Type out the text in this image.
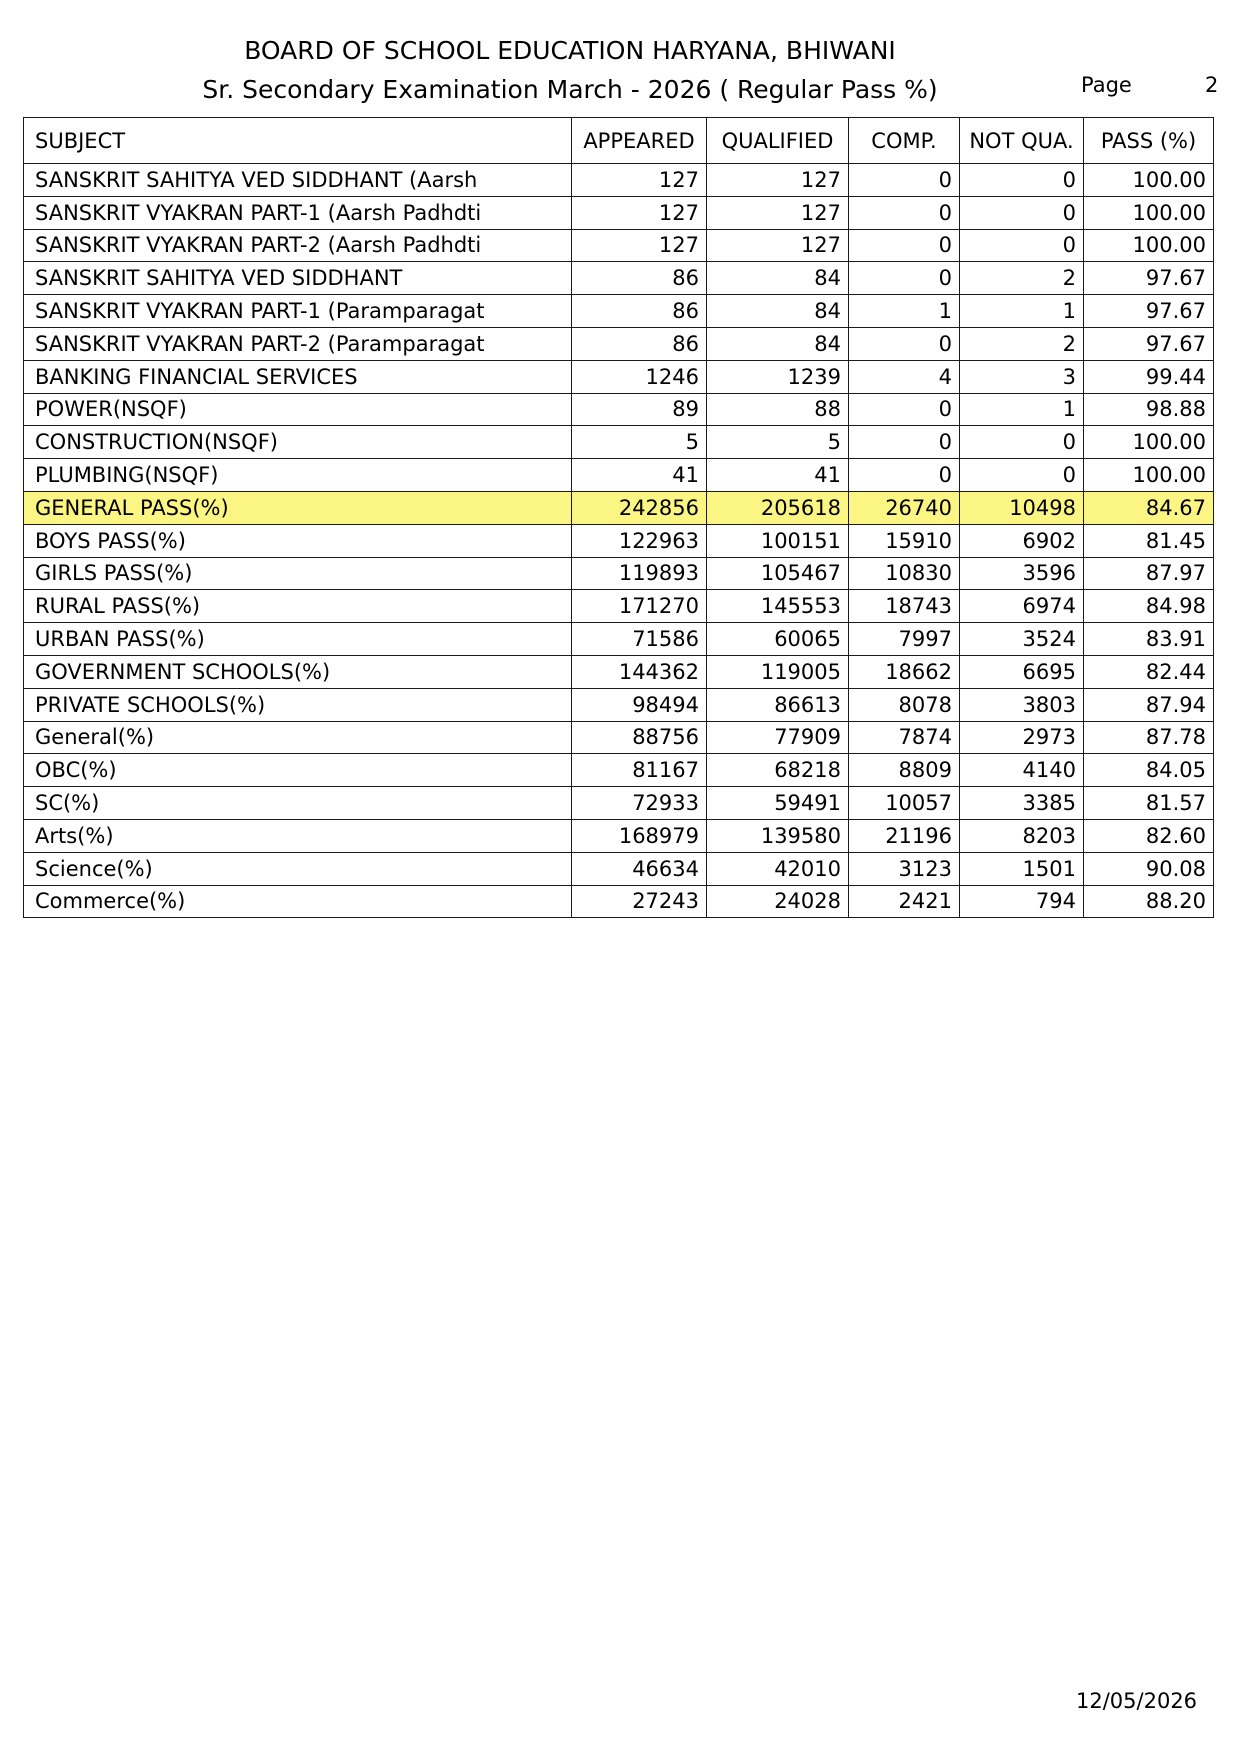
BOARD OF SCHOOL EDUCATION HARYANA, BHIWANI
Sr. Secondary Examination March - 2026 ( Regular Pass %)	Page	2
SUBJECT	APPEARED	QUALIFIED	COMP.	NOT QUA.	PASS (%)
SANSKRIT SAHITYA VED SIDDHANT (Aarsh	127	127	0	0	100.00
SANSKRIT VYAKRAN PART-1 (Aarsh Padhdti	127	127	0	0	100.00
SANSKRIT VYAKRAN PART-2 (Aarsh Padhdti	127	127	0	0	100.00
SANSKRIT SAHITYA VED SIDDHANT	86	84	0	2	97.67
SANSKRIT VYAKRAN PART-1 (Paramparagat	86	84	1	1	97.67
SANSKRIT VYAKRAN PART-2 (Paramparagat	86	84	0	2	97.67
BANKING FINANCIAL SERVICES	1246	1239	4	3	99.44
POWER(NSQF)	89	88	0	1	98.88
CONSTRUCTION(NSQF)	5	5	0	0	100.00
PLUMBING(NSQF)	41	41	0	0	100.00
GENERAL PASS(%)	242856	205618	26740	10498	84.67
BOYS PASS(%)	122963	100151	15910	6902	81.45
GIRLS PASS(%)	119893	105467	10830	3596	87.97
RURAL PASS(%)	171270	145553	18743	6974	84.98
URBAN PASS(%)	71586	60065	7997	3524	83.91
GOVERNMENT SCHOOLS(%)	144362	119005	18662	6695	82.44
PRIVATE SCHOOLS(%)	98494	86613	8078	3803	87.94
General(%)	88756	77909	7874	2973	87.78
OBC(%)	81167	68218	8809	4140	84.05
SC(%)	72933	59491	10057	3385	81.57
Arts(%)	168979	139580	21196	8203	82.60
Science(%)	46634	42010	3123	1501	90.08
Commerce(%)	27243	24028	2421	794	88.20
12/05/2026
